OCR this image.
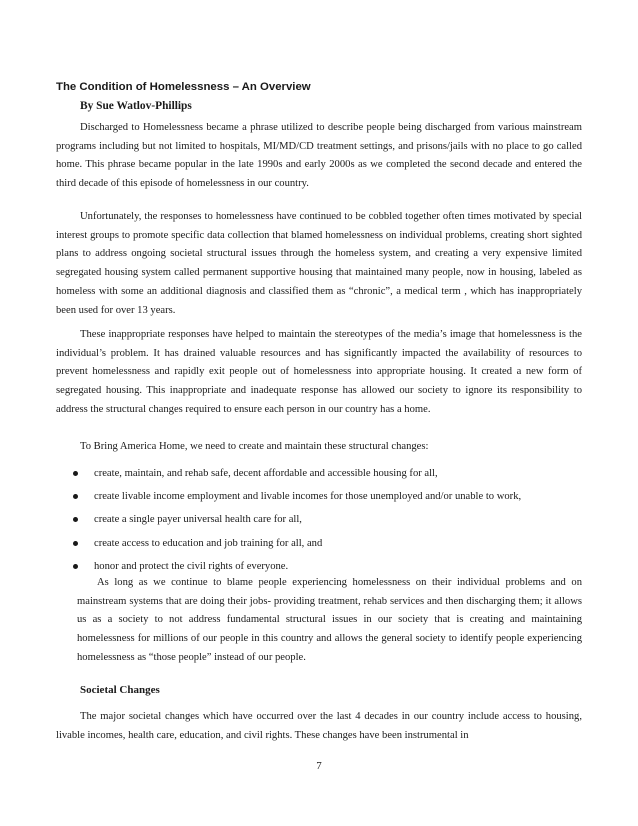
The Condition of Homelessness – An Overview
By Sue Watlov-Phillips

Discharged to Homelessness became a phrase utilized to describe people being discharged from various mainstream programs including but not limited to hospitals, MI/MD/CD treatment settings, and prisons/jails with no place to go called home. This phrase became popular in the late 1990s and early 2000s as we completed the second decade and entered the third decade of this episode of homelessness in our country.

Unfortunately, the responses to homelessness have continued to be cobbled together often times motivated by special interest groups to promote specific data collection that blamed homelessness on individual problems, creating short sighted plans to address ongoing societal structural issues through the homeless system, and creating a very expensive limited segregated housing system called permanent supportive housing that maintained many people, now in housing, labeled as homeless with some an additional diagnosis and classified them as “chronic”, a medical term , which has inappropriately been used for over 13 years.

These inappropriate responses have helped to maintain the stereotypes of the media’s image that homelessness is the individual’s problem. It has drained valuable resources and has significantly impacted the availability of resources to prevent homelessness and rapidly exit people out of homelessness into appropriate housing. It created a new form of segregated housing. This inappropriate and inadequate response has allowed our society to ignore its responsibility to address the structural changes required to ensure each person in our country has a home.

To Bring America Home, we need to create and maintain these structural changes:

create, maintain, and rehab safe, decent affordable and accessible housing for all,
create livable income employment and livable incomes for those unemployed and/or unable to work,
create a single payer universal health care for all,
create access to education and job training for all, and
honor and protect the civil rights of everyone.

As long as we continue to blame people experiencing homelessness on their individual problems and on mainstream systems that are doing their jobs- providing treatment, rehab services and then discharging them; it allows us as a society to not address fundamental structural issues in our society that is creating and maintaining homelessness for millions of our people in this country and allows the general society to identify people experiencing homelessness as “those people” instead of our people.

Societal Changes

The major societal changes which have occurred over the last 4 decades in our country include access to housing, livable incomes, health care, education, and civil rights. These changes have been instrumental in

7
